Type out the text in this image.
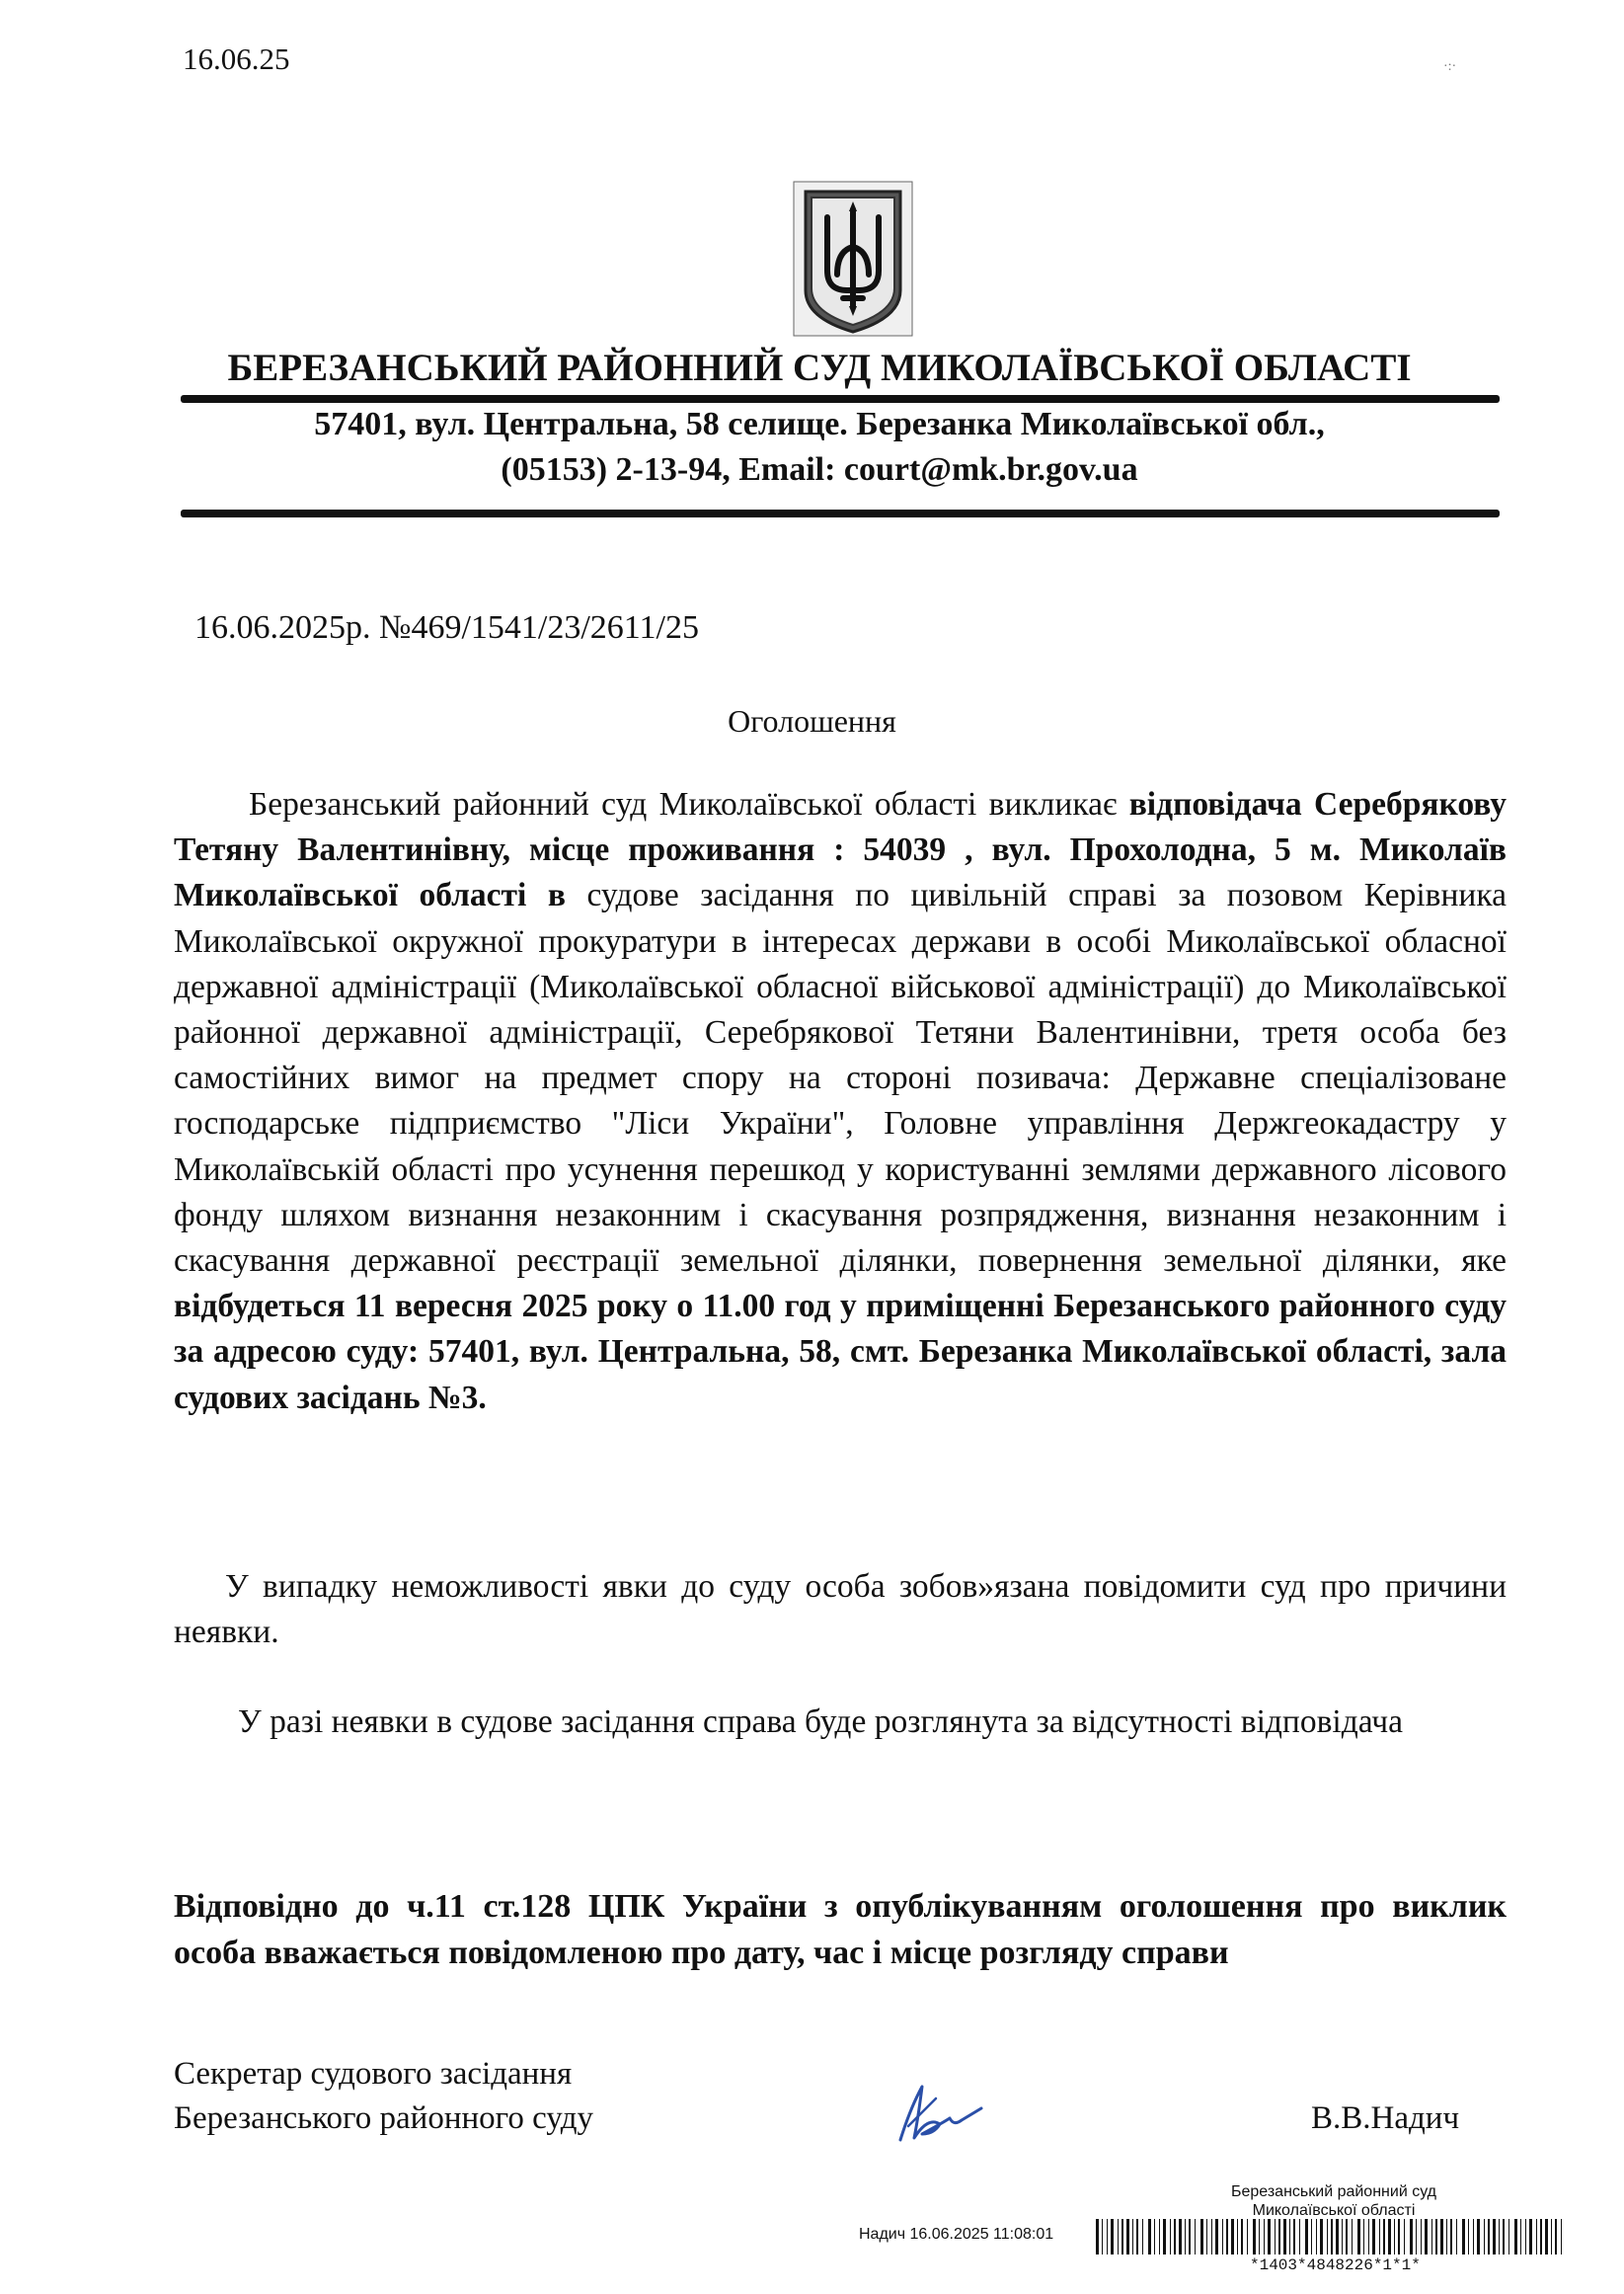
16.06.25	·:·
БЕРЕЗАНСЬКИЙ РАЙОННИЙ СУД МИКОЛАЇВСЬКОЇ ОБЛАСТІ
57401, вул. Центральна, 58 селище. Березанка Миколаївської обл.,
(05153) 2-13-94, Email: court@mk.br.gov.ua
16.06.2025р. №469/1541/23/2611/25
Оголошення

Березанський районний суд Миколаївської області викликає відповідача Серебрякову Тетяну Валентинівну, місце проживання : 54039 , вул. Прохолодна, 5 м. Миколаїв Миколаївської області в судове засідання по цивільній справі за позовом Керівника Миколаївської окружної прокуратури в інтересах держави в особі Миколаївської обласної державної адміністрації (Миколаївської обласної військової адміністрації) до Миколаївської районної державної адміністрації, Серебрякової Тетяни Валентинівни, третя особа без самостійних вимог на предмет спору на стороні позивача: Державне спеціалізоване господарське підприємство "Ліси України", Головне управління Держгеокадастру у Миколаївській області про усунення перешкод у користуванні землями державного лісового фонду шляхом визнання незаконним і скасування розпрядження, визнання незаконним і скасування державної реєстрації земельної ділянки, повернення земельної ділянки, яке відбудеться 11 вересня 2025 року о 11.00 год у приміщенні Березанського районного суду за адресою суду: 57401, вул. Центральна, 58, смт. Березанка Миколаївської області, зала судових засідань №3.

У випадку неможливості явки до суду особа зобов»язана повідомити суд про причини неявки.
У разі неявки в судове засідання справа буде розглянута за відсутності відповідача
Відповідно до ч.11 ст.128 ЦПК України з опублікуванням оголошення про виклик особа вважається повідомленою про дату, час і місце розгляду справи
Секретар судового засідання
Березанського районного суду	В.В.Надич
Березанський районний суд
Миколаївської області
Надич 16.06.2025 11:08:01
*1403*4848226*1*1*
